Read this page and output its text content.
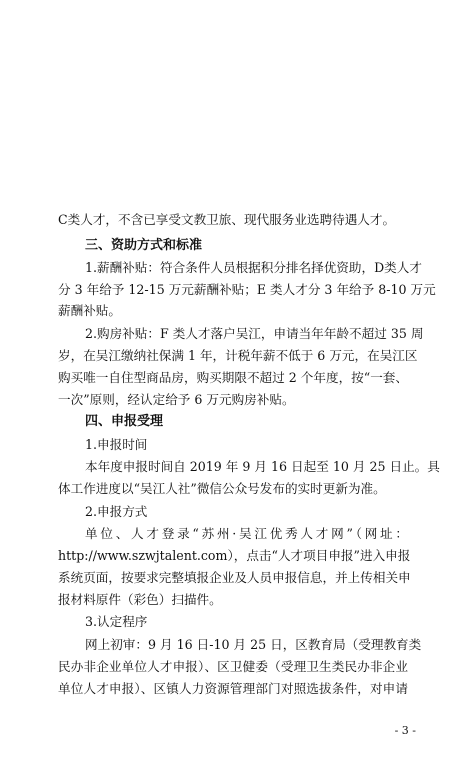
C类人才，不含已享受文教卫旅、现代服务业选聘待遇人才。
三、资助方式和标准
1.薪酬补贴：符合条件人员根据积分排名择优资助，D类人才
分 3 年给予 12-15 万元薪酬补贴；E 类人才分 3 年给予 8-10 万元
薪酬补贴。
2.购房补贴：F 类人才落户吴江，申请当年年龄不超过 35 周
岁，在吴江缴纳社保满 1 年，计税年薪不低于 6 万元，在吴江区
购买唯一自住型商品房，购买期限不超过 2 个年度，按“一套、
一次”原则，经认定给予 6 万元购房补贴。
四、申报受理
1.申报时间
本年度申报时间自 2019 年 9 月 16 日起至 10 月 25 日止。具
体工作进度以“吴江人社”微信公众号发布的实时更新为准。
2.申报方式
单位、人才登录“苏州·吴江优秀人才网”（网址：
http://www.szwjtalent.com），点击“人才项目申报”进入申报
系统页面，按要求完整填报企业及人员申报信息，并上传相关申
报材料原件（彩色）扫描件。
3.认定程序
网上初审：9 月 16 日-10 月 25 日，区教育局（受理教育类
民办非企业单位人才申报）、区卫健委（受理卫生类民办非企业
单位人才申报）、区镇人力资源管理部门对照选拔条件，对申请
- 3 -
